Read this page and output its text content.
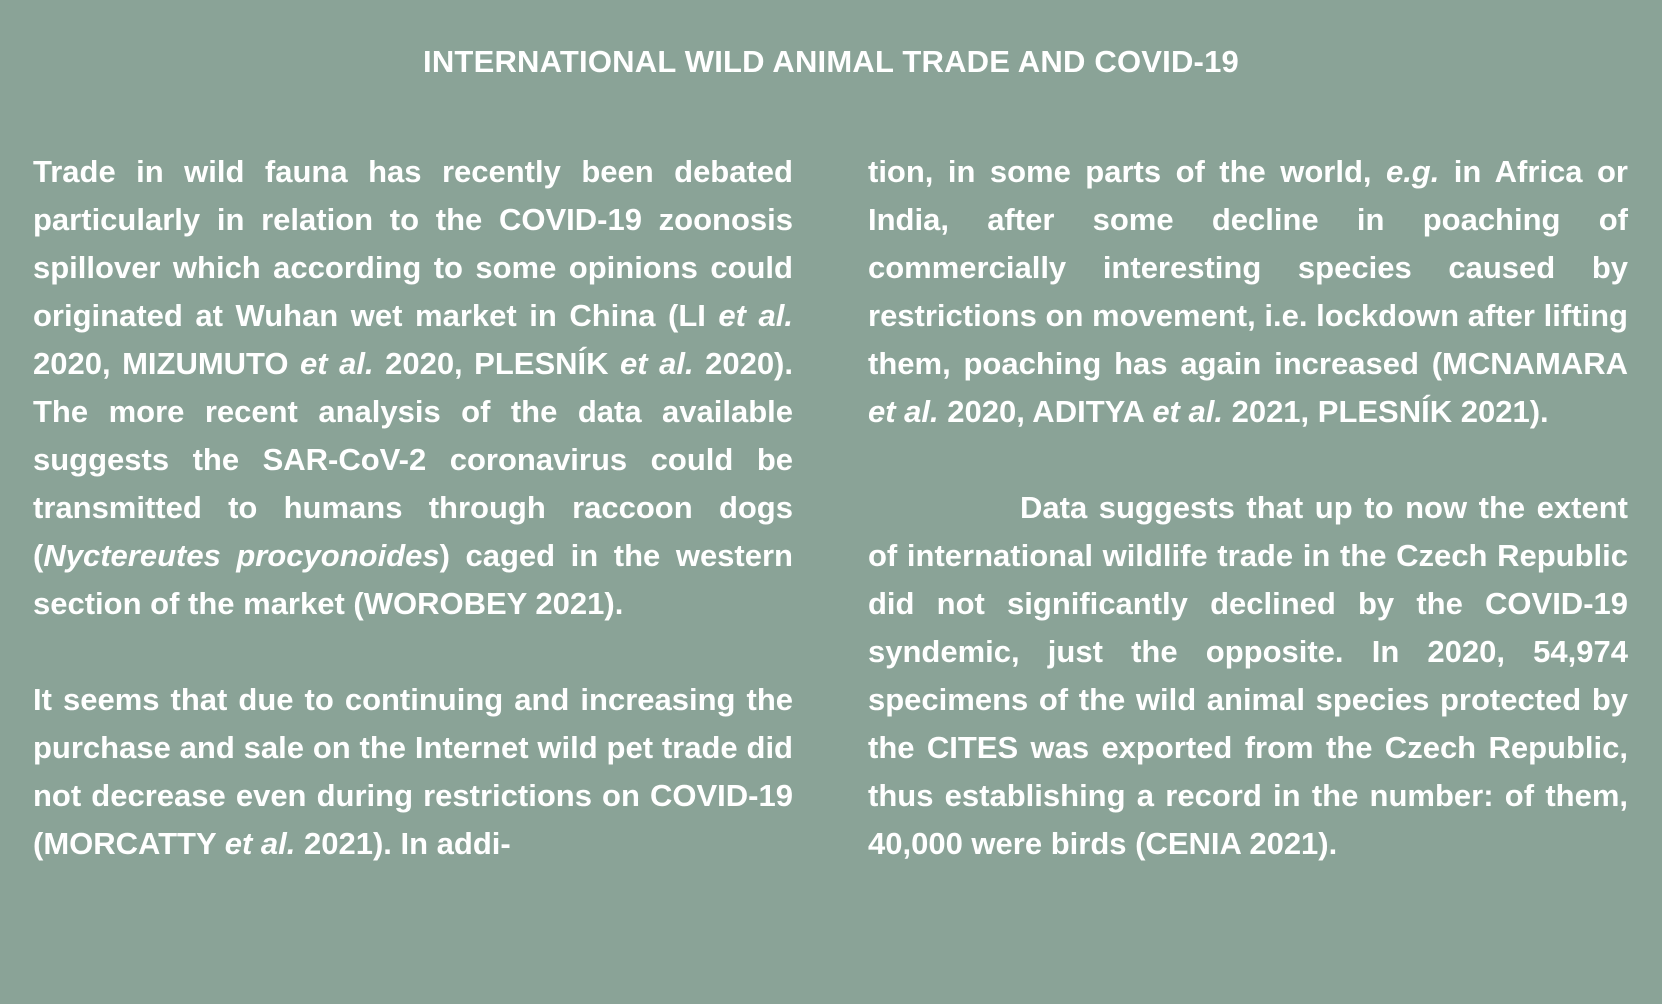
INTERNATIONAL WILD ANIMAL TRADE AND COVID-19

Trade in wild fauna has recently been debated particularly in relation to the COVID-19 zoonosis spillover which according to some opinions could originated at Wuhan wet market in China (LI et al. 2020, MIZUMUTO et al. 2020, PLESNÍK et al. 2020). The more recent analysis of the data available suggests the SAR-CoV-2 coronavirus could be transmitted to humans through raccoon dogs (Nyctereutes procyonoides) caged in the western section of the market (WOROBEY 2021).

It seems that due to continuing and increasing the purchase and sale on the Internet wild pet trade did not decrease even during restrictions on COVID-19 (MORCATTY et al. 2021). In addi-

tion, in some parts of the world, e.g. in Africa or India, after some decline in poaching of commercially interesting species caused by restrictions on movement, i.e. lockdown after lifting them, poaching has again increased (MCNAMARA et al. 2020, ADITYA et al. 2021, PLESNÍK 2021).

Data suggests that up to now the extent of international wildlife trade in the Czech Republic did not significantly declined by the COVID-19 syndemic, just the opposite. In 2020, 54,974 specimens of the wild animal species protected by the CITES was exported from the Czech Republic, thus establishing a record in the number: of them, 40,000 were birds (CENIA 2021).
